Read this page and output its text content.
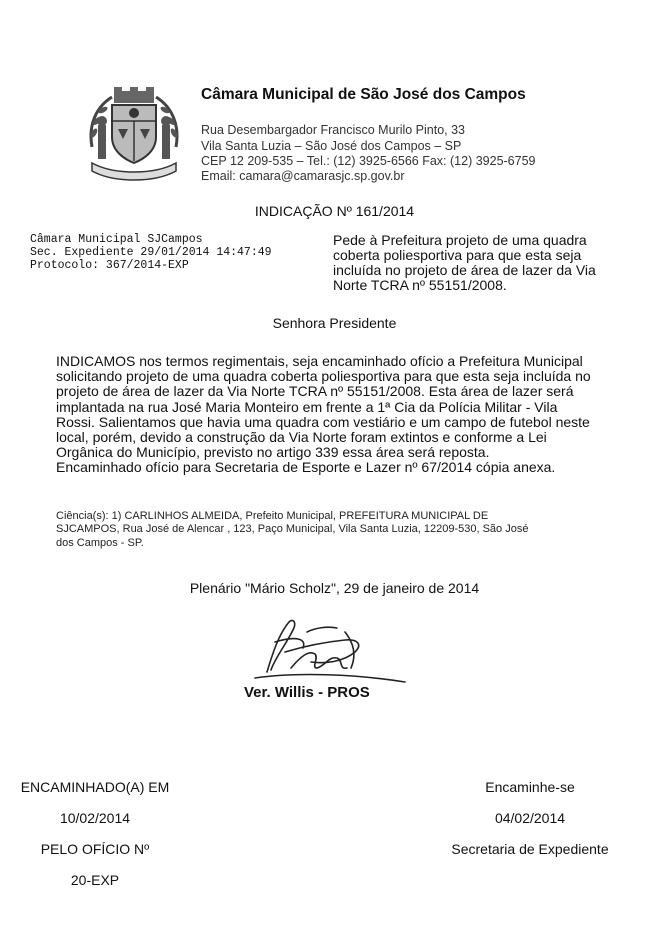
Câmara Municipal de São José dos Campos
Rua Desembargador Francisco Murilo Pinto, 33
Vila Santa Luzia – São José dos Campos – SP
CEP 12 209-535 – Tel.: (12) 3925-6566 Fax: (12) 3925-6759
Email: camara@camarasjc.sp.gov.br
INDICAÇÃO Nº 161/2014
Câmara Municipal SJCampos
Sec. Expediente 29/01/2014 14:47:49
Protocolo: 367/2014-EXP
Pede à Prefeitura projeto de uma quadra coberta poliesportiva para que esta seja incluída no projeto de área de lazer da Via Norte TCRA nº 55151/2008.
Senhora Presidente
INDICAMOS nos termos regimentais, seja encaminhado ofício a Prefeitura Municipal
solicitando projeto de uma quadra coberta poliesportiva para que esta seja incluída no
projeto de área de lazer da Via Norte TCRA nº 55151/2008. Esta área de lazer será
implantada na rua José Maria Monteiro em frente a 1ª Cia da Polícia Militar - Vila
Rossi. Salientamos que havia uma quadra com vestiário e um campo de futebol neste
local, porém, devido a construção da Via Norte foram extintos e conforme a Lei
Orgânica do Município, previsto no artigo 339 essa área será reposta.
Encaminhado ofício para Secretaria de Esporte e Lazer nº 67/2014 cópia anexa.
Ciência(s): 1) CARLINHOS ALMEIDA, Prefeito Municipal, PREFEITURA MUNICIPAL DE
SJCAMPOS, Rua José de Alencar , 123, Paço Municipal, Vila Santa Luzia, 12209-530, São José
dos Campos - SP.
Plenário "Mário Scholz", 29 de janeiro de 2014
Ver. Willis - PROS
ENCAMINHADO(A) EM
10/02/2014
PELO OFÍCIO Nº
20-EXP
Encaminhe-se
04/02/2014
Secretaria de Expediente
